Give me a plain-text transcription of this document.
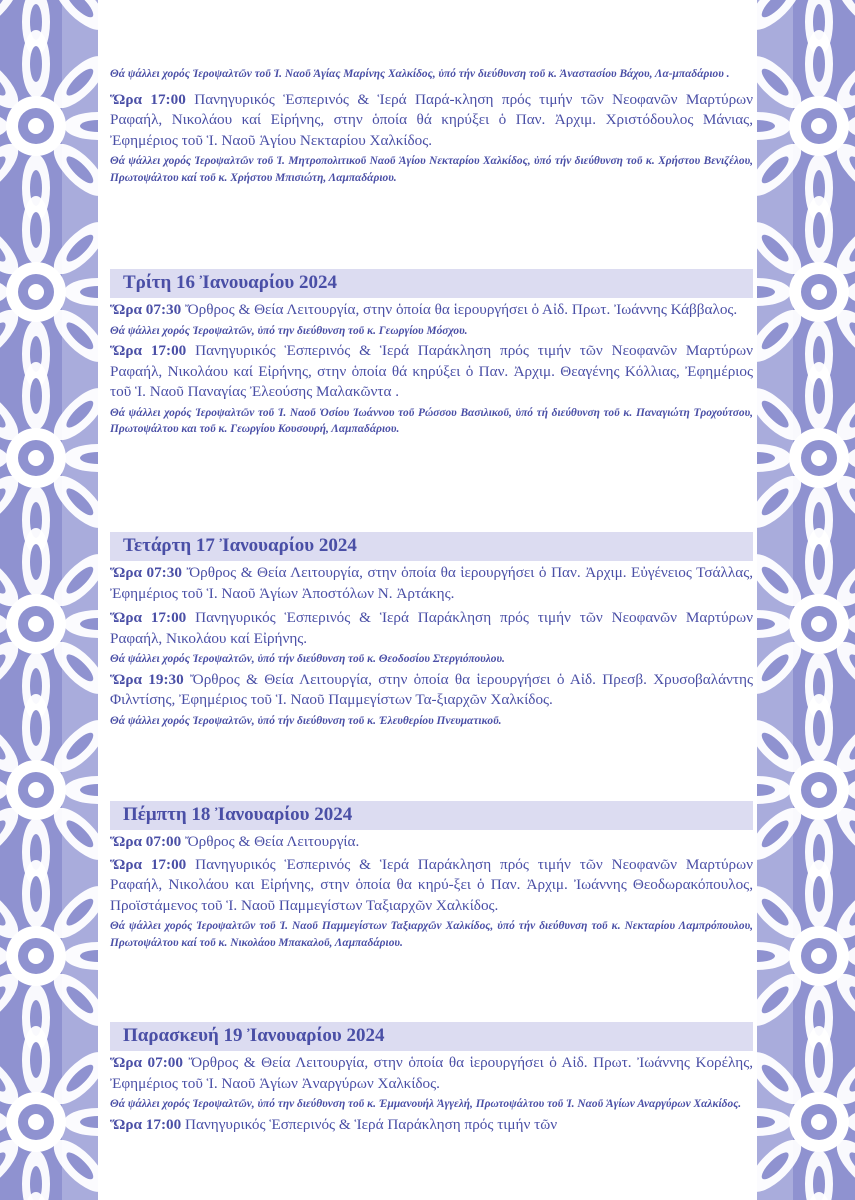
Θά ψάλλει χορός Ἱεροψαλτῶν τοῦ Ἱ. Ναοῦ Ἁγίας Μαρίνης Χαλκίδος, ὑπό τήν διεύθυνση τοῦ κ. Ἀναστασίου Βάχου, Λα-μπαδάριου .

Ὥρα 17:00 Πανηγυρικός Ἑσπερινός & Ἱερά Παρά-κληση πρός τιμήν τῶν Νεοφανῶν Μαρτύρων Ραφαήλ, Νικολάου καί Εἰρήνης, στην ὁποία θά κηρύξει ὁ Παν. Ἀρχιμ. Χριστόδουλος Μάνιας, Ἐφημέριος τοῦ Ἱ. Ναοῦ Ἁγίου Νεκταρίου Χαλκίδος.

Θά ψάλλει χορός Ἱεροψαλτῶν τοῦ Ἱ. Μητροπολιτικοῦ Ναοῦ Ἁγίου Νεκταρίου Χαλκίδος, ὑπό τήν διεύθυνση τοῦ κ. Χρήστου Βενιζέλου, Πρωτοψάλτου καί τοῦ κ. Χρήστου Μπισιώτη, Λαμπαδάριου.

Τρίτη 16 Ἰανουαρίου 2024

Ὥρα 07:30 Ὄρθρος & Θεία Λειτουργία, στην ὁποία θα ἱερουργήσει ὁ Αἰδ. Πρωτ. Ἰωάννης Κάββαλος.

Θά ψάλλει χορός Ἱεροψαλτῶν, ὑπό την διεύθυνση τοῦ κ. Γεωργίου Μόσχου.

Ὥρα 17:00 Πανηγυρικός Ἑσπερινός & Ἱερά Παράκληση πρός τιμήν τῶν Νεοφανῶν Μαρτύρων Ραφαήλ, Νικολάου καί Εἰρήνης, στην ὁποία θά κηρύξει ὁ Παν. Ἀρχιμ. Θεαγένης Κόλλιας, Ἐφημέριος τοῦ Ἱ. Ναοῦ Παναγίας Ἐλεούσης Μαλακῶντα .

Θά ψάλλει χορός Ἱεροψαλτῶν τοῦ Ἱ. Ναοῦ Ὁσίου Ἰωάννου τοῦ Ρώσσου Βασιλικοῦ, ὑπό τή διεύθυνση τοῦ κ. Παναγιώτη Τροχούτσου, Πρωτοψάλτου και τοῦ κ. Γεωργίου Κουσουρή, Λαμπαδάριου.

Τετάρτη 17 Ἰανουαρίου 2024

Ὥρα 07:30 Ὄρθρος & Θεία Λειτουργία, στην ὁποία θα ἱερουργήσει ὁ Παν. Ἀρχιμ. Εὐγένειος Τσάλλας, Ἐφημέριος τοῦ Ἱ. Ναοῦ Ἁγίων Ἀποστόλων Ν. Ἀρτάκης.

Ὥρα 17:00 Πανηγυρικός Ἑσπερινός & Ἱερά Παράκληση πρός τιμήν τῶν Νεοφανῶν Μαρτύρων Ραφαήλ, Νικολάου καί Εἰρήνης.

Θά ψάλλει χορός Ἱεροψαλτῶν, ὑπό τήν διεύθυνση τοῦ κ. Θεοδοσίου Στεργιόπουλου.

Ὥρα 19:30 Ὄρθρος & Θεία Λειτουργία, στην ὁποία θα ἱερουργήσει ὁ Αἰδ. Πρεσβ. Χρυσοβαλάντης Φιλντίσης, Ἐφημέριος τοῦ Ἱ. Ναοῦ Παμμεγίστων Τα-ξιαρχῶν Χαλκίδος.

Θά ψάλλει χορός Ἱεροψαλτῶν, ὑπό τήν διεύθυνση τοῦ κ. Ἐλευθερίου Πνευματικοῦ.

Πέμπτη 18 Ἰανουαρίου 2024

Ὥρα 07:00 Ὄρθρος & Θεία Λειτουργία.

Ὥρα 17:00 Πανηγυρικός Ἑσπερινός & Ἱερά Παράκληση πρός τιμήν τῶν Νεοφανῶν Μαρτύρων Ραφαήλ, Νικολάου και Εἰρήνης, στην ὁποία θα κηρύ-ξει ὁ Παν. Ἀρχιμ. Ἰωάννης Θεοδωρακόπουλος, Προϊστάμενος τοῦ Ἱ. Ναοῦ Παμμεγίστων Ταξιαρχῶν Χαλκίδος.

Θά ψάλλει χορός Ἱεροψαλτῶν τοῦ Ἱ. Ναοῦ Παμμεγίστων Ταξιαρχῶν Χαλκίδος, ὑπό τήν διεύθυνση τοῦ κ. Νεκταρίου Λαμπρόπουλου, Πρωτοψάλτου καί τοῦ κ. Νικολάου Μπακαλοῦ, Λαμπαδάριου.

Παρασκευή 19 Ἰανουαρίου 2024

Ὥρα 07:00 Ὄρθρος & Θεία Λειτουργία, στην ὁποία θα ἱερουργήσει ὁ Αἰδ. Πρωτ. Ἰωάννης Κορέλης, Ἐφημέριος τοῦ Ἱ. Ναοῦ Ἁγίων Ἀναργύρων Χαλκίδος.

Θά ψάλλει χορός Ἱεροψαλτῶν, ὑπό την διεύθυνση τοῦ κ. Ἐμμανουήλ Ἀγγελή, Πρωτοψάλτου τοῦ Ἱ. Ναοῦ Ἁγίων Αναργύρων Χαλκίδος.

Ὥρα 17:00 Πανηγυρικός Ἑσπερινός & Ἱερά Παράκληση πρός τιμήν τῶν
